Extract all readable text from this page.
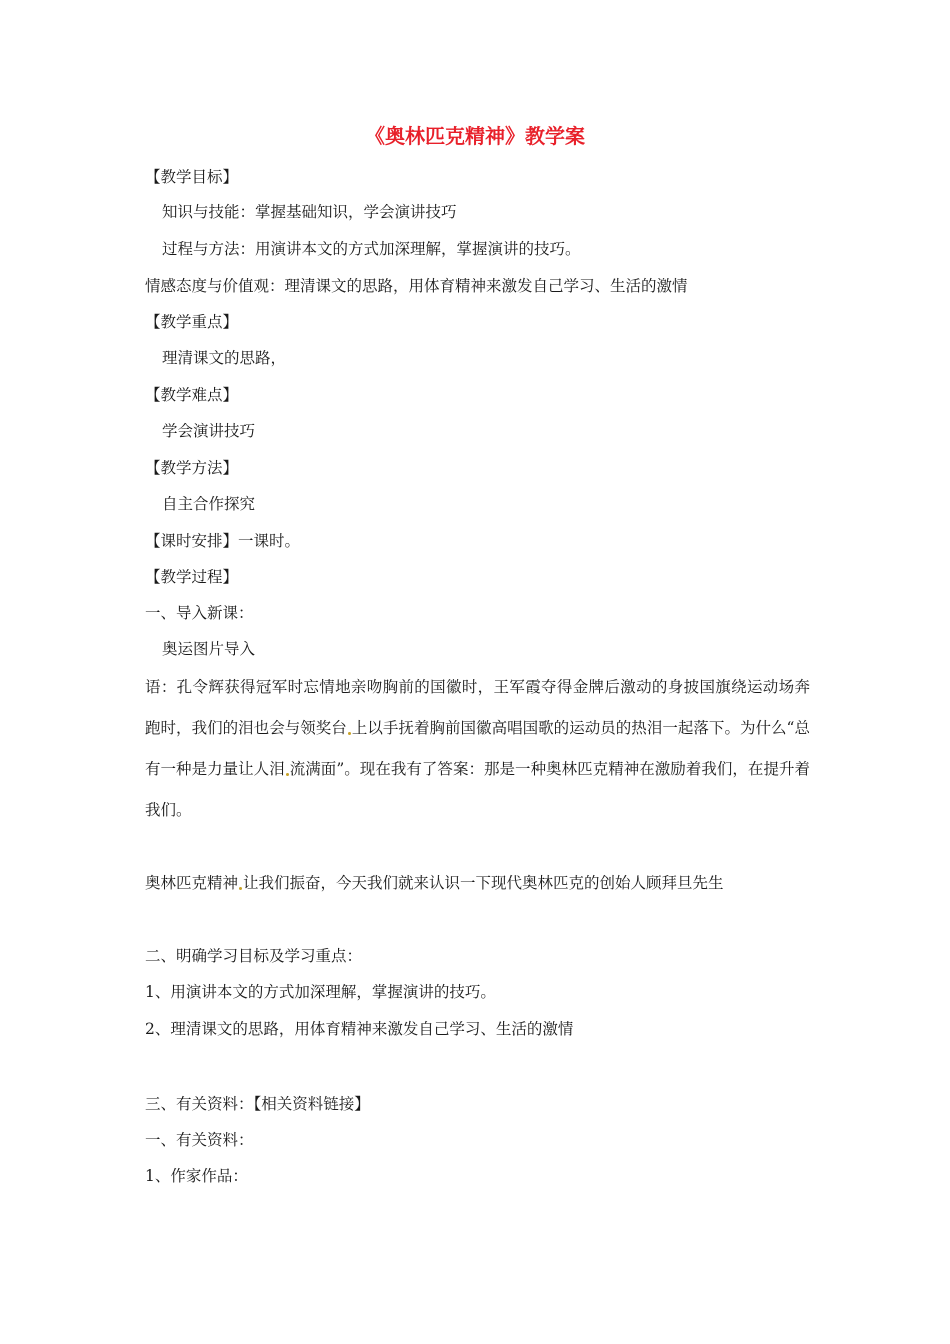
《奥林匹克精神》教学案
【教学目标】
知识与技能：掌握基础知识，学会演讲技巧
过程与方法：用演讲本文的方式加深理解，掌握演讲的技巧。
情感态度与价值观：理清课文的思路，用体育精神来激发自己学习、生活的激情
【教学重点】
理清课文的思路，
【教学难点】
学会演讲技巧
【教学方法】
自主合作探究
【课时安排】一课时。
【教学过程】
一、导入新课：
奥运图片导入
语：孔令辉获得冠军时忘情地亲吻胸前的国徽时，王军霞夺得金牌后激动的身披国旗绕运动场奔跑时，我们的泪也会与领奖台 上以手抚着胸前国徽高唱国歌的运动员的热泪一起落下。为什么“总有一种是力量让人泪 流满面”。现在我有了答案：那是一种奥林匹克精神在激励着我们，在提升着我们。
奥林匹克精神 让我们振奋，今天我们就来认识一下现代奥林匹克的创始人顾拜旦先生
二、明确学习目标及学习重点：
1、用演讲本文的方式加深理解，掌握演讲的技巧。
2、理清课文的思路，用体育精神来激发自己学习、生活的激情
三、有关资料：【相关资料链接】
一、有关资料：
1、作家作品：
